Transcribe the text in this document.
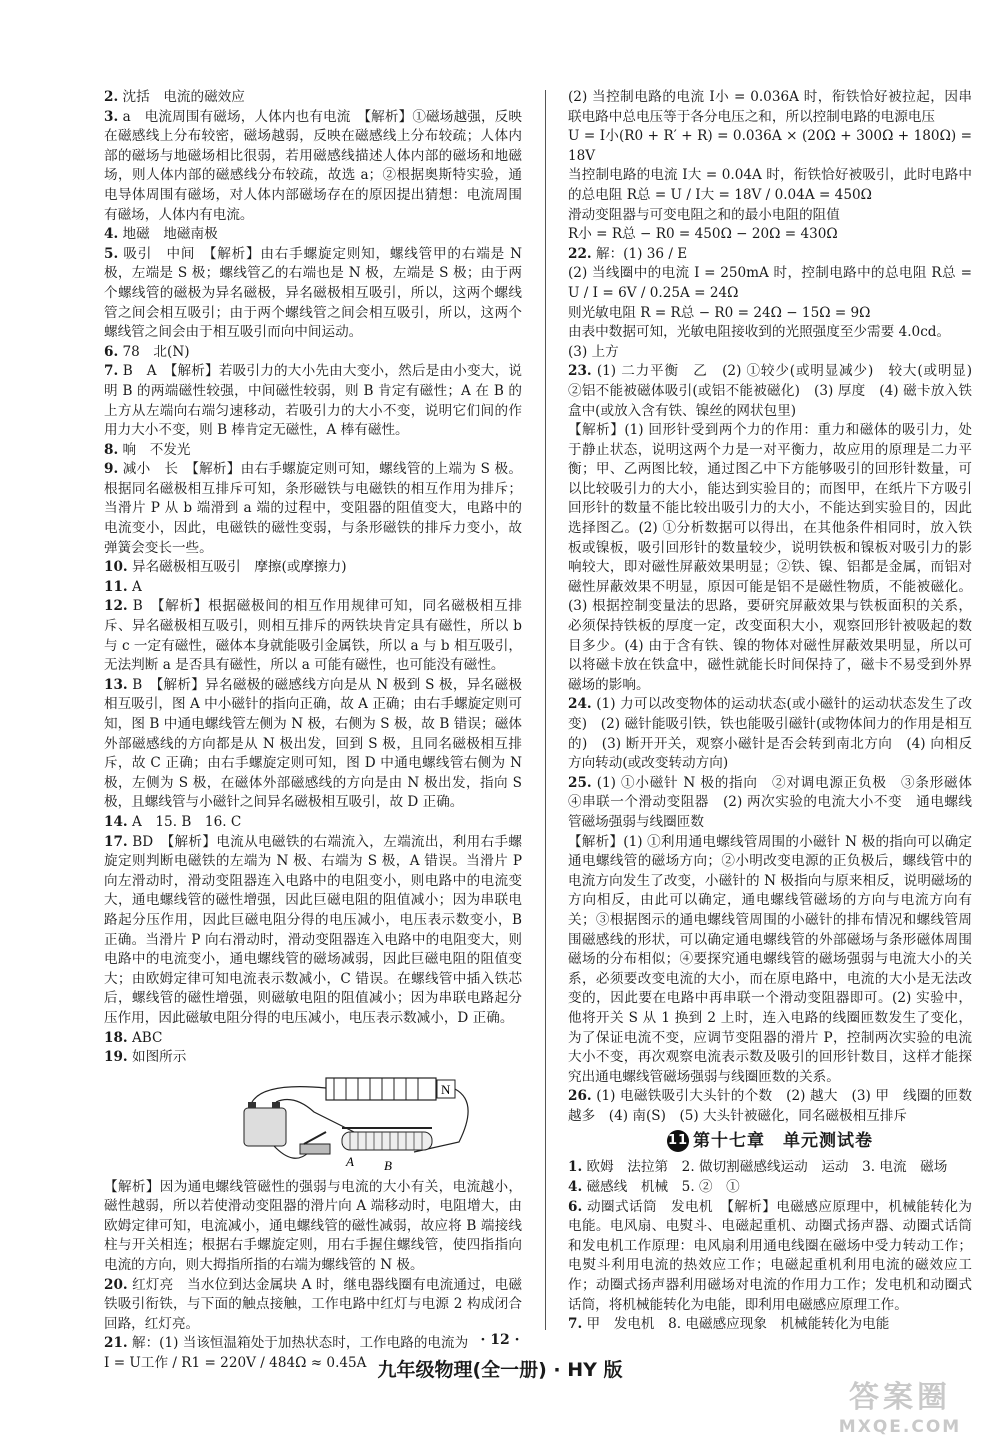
2. 沈括　电流的磁效应

3. a　电流周围有磁场，人体内也有电流　【解析】①磁场越强，反映在磁感线上分布较密，磁场越弱，反映在磁感线上分布较疏；人体内部的磁场与地磁场相比很弱，若用磁感线描述人体内部的磁场和地磁场，则人体内部的磁感线分布较疏，故选 a；②根据奥斯特实验，通电导体周围有磁场，对人体内部磁场存在的原因提出猜想：电流周围有磁场，人体内有电流。

4. 地磁　地磁南极

5. 吸引　中间　【解析】由右手螺旋定则知，螺线管甲的右端是 N 极，左端是 S 极；螺线管乙的右端也是 N 极，左端是 S 极；由于两个螺线管的磁极为异名磁极，异名磁极相互吸引，所以，这两个螺线管之间会相互吸引；由于两个螺线管之间会相互吸引，所以，这两个螺线管之间会由于相互吸引而向中间运动。

6. 78　北(N)

7. B　A　【解析】若吸引力的大小先由大变小，然后是由小变大，说明 B 的两端磁性较强，中间磁性较弱，则 B 肯定有磁性；A 在 B 的上方从左端向右端匀速移动，若吸引力的大小不变，说明它们间的作用力大小不变，则 B 棒肯定无磁性，A 棒有磁性。

8. 响　不发光

9. 减小　长　【解析】由右手螺旋定则可知，螺线管的上端为 S 极。根据同名磁极相互排斥可知，条形磁铁与电磁铁的相互作用为排斥；当滑片 P 从 b 端滑到 a 端的过程中，变阻器的阻值变大，电路中的电流变小，因此，电磁铁的磁性变弱，与条形磁铁的排斥力变小，故弹簧会变长一些。

10. 异名磁极相互吸引　摩擦(或摩擦力)

11. A

12. B　【解析】根据磁极间的相互作用规律可知，同名磁极相互排斥、异名磁极相互吸引，则相互排斥的两铁块肯定具有磁性，所以 b 与 c 一定有磁性，磁体本身就能吸引金属铁，所以 a 与 b 相互吸引，无法判断 a 是否具有磁性，所以 a 可能有磁性，也可能没有磁性。

13. B　【解析】异名磁极的磁感线方向是从 N 极到 S 极，异名磁极相互吸引，图 A 中小磁针的指向正确，故 A 正确；由右手螺旋定则可知，图 B 中通电螺线管左侧为 N 极，右侧为 S 极，故 B 错误；磁体外部磁感线的方向都是从 N 极出发，回到 S 极，且同名磁极相互排斥，故 C 正确；由右手螺旋定则可知，图 D 中通电螺线管右侧为 N 极，左侧为 S 极，在磁体外部磁感线的方向是由 N 极出发，指向 S 极，且螺线管与小磁针之间异名磁极相互吸引，故 D 正确。

14. A　15. B　16. C

17. BD　【解析】电流从电磁铁的右端流入，左端流出，利用右手螺旋定则判断电磁铁的左端为 N 极、右端为 S 极，A 错误。当滑片 P 向左滑动时，滑动变阻器连入电路中的电阻变小，则电路中的电流变大，通电螺线管的磁性增强，因此巨磁电阻的阻值减小；因为串联电路起分压作用，因此巨磁电阻分得的电压减小，电压表示数变小，B 正确。当滑片 P 向右滑动时，滑动变阻器连入电路中的电阻变大，则电路中的电流变小，通电螺线管的磁场减弱，因此巨磁电阻的阻值变大；由欧姆定律可知电流表示数减小，C 错误。在螺线管中插入铁芯后，螺线管的磁性增强，则磁敏电阻的阻值减小；因为串联电路起分压作用，因此磁敏电阻分得的电压减小，电压表示数减小，D 正确。

18. ABC

19. 如图所示

N
A B

【解析】因为通电螺线管磁性的强弱与电流的大小有关，电流越小，磁性越弱，所以若使滑动变阻器的滑片向 A 端移动时，电阻增大，由欧姆定律可知，电流减小，通电螺线管的磁性减弱，故应将 B 端接线柱与开关相连；根据右手螺旋定则，用右手握住螺线管，使四指指向电流的方向，则大拇指所指的右端为螺线管的 N 极。

20. 红灯亮　当水位到达金属块 A 时，继电器线圈有电流通过，电磁铁吸引衔铁，与下面的触点接触，工作电路中红灯与电源 2 构成闭合回路，红灯亮。

21. 解：(1) 当该恒温箱处于加热状态时，工作电路的电流为

I = U工作 / R1 = 220V / 484Ω ≈ 0.45A

(2) 当控制电路的电流 I小 = 0.036A 时，衔铁恰好被拉起，因串联电路中总电压等于各分电压之和，所以控制电路的电源电压

U = I小(R0 + R′ + R) = 0.036A × (20Ω + 300Ω + 180Ω) = 18V

当控制电路的电流 I大 = 0.04A 时，衔铁恰好被吸引，此时电路中的总电阻 R总 = U / I大 = 18V / 0.04A = 450Ω

滑动变阻器与可变电阻之和的最小电阻的阻值

R小 = R总 − R0 = 450Ω − 20Ω = 430Ω

22. 解：(1) 36 / E

(2) 当线圈中的电流 I = 250mA 时，控制电路中的总电阻 R总 = U / I = 6V / 0.25A = 24Ω

则光敏电阻 R = R总 − R0 = 24Ω − 15Ω = 9Ω

由表中数据可知，光敏电阻接收到的光照强度至少需要 4.0cd。

(3) 上方

23. (1) 二力平衡　乙　(2) ①较少(或明显减少)　较大(或明显)　②铝不能被磁体吸引(或铝不能被磁化)　(3) 厚度　(4) 磁卡放入铁盒中(或放入含有铁、镍丝的网状包里)

【解析】(1) 回形针受到两个力的作用：重力和磁体的吸引力，处于静止状态，说明这两个力是一对平衡力，故应用的原理是二力平衡；甲、乙两图比较，通过图乙中下方能够吸引的回形针数量，可以比较吸引力的大小，能达到实验目的；而图甲，在纸片下方吸引回形针的数量不能比较出吸引力的大小，不能达到实验目的，因此选择图乙。(2) ①分析数据可以得出，在其他条件相同时，放入铁板或镍板，吸引回形针的数量较少，说明铁板和镍板对吸引力的影响较大，即对磁性屏蔽效果明显；②铁、镍、铝都是金属，而铝对磁性屏蔽效果不明显，原因可能是铝不是磁性物质，不能被磁化。(3) 根据控制变量法的思路，要研究屏蔽效果与铁板面积的关系，必须保持铁板的厚度一定，改变面积大小，观察回形针被吸起的数目多少。(4) 由于含有铁、镍的物体对磁性屏蔽效果明显，所以可以将磁卡放在铁盒中，磁性就能长时间保持了，磁卡不易受到外界磁场的影响。

24. (1) 力可以改变物体的运动状态(或小磁针的运动状态发生了改变)　(2) 磁针能吸引铁，铁也能吸引磁针(或物体间力的作用是相互的)　(3) 断开开关，观察小磁针是否会转到南北方向　(4) 向相反方向转动(或改变转动方向)

25. (1) ①小磁针 N 极的指向　②对调电源正负极　③条形磁体　④串联一个滑动变阻器　(2) 两次实验的电流大小不变　通电螺线管磁场强弱与线圈匝数

【解析】(1) ①利用通电螺线管周围的小磁针 N 极的指向可以确定通电螺线管的磁场方向；②小明改变电源的正负极后，螺线管中的电流方向发生了改变，小磁针的 N 极指向与原来相反，说明磁场的方向相反，由此可以确定，通电螺线管磁场的方向与电流方向有关；③根据图示的通电螺线管周围的小磁针的排布情况和螺线管周围磁感线的形状，可以确定通电螺线管的外部磁场与条形磁体周围磁场的分布相似；④要探究通电螺线管的磁场强弱与电流大小的关系，必须要改变电流的大小，而在原电路中，电流的大小是无法改变的，因此要在电路中再串联一个滑动变阻器即可。(2) 实验中，他将开关 S 从 1 换到 2 上时，连入电路的线圈匝数发生了变化，为了保证电流不变，应调节变阻器的滑片 P，控制两次实验的电流大小不变，再次观察电流表示数及吸引的回形针数目，这样才能探究出通电螺线管磁场强弱与线圈匝数的关系。

26. (1) 电磁铁吸引大头针的个数　(2) 越大　(3) 甲　线圈的匝数越多　(4) 南(S)　(5) 大头针被磁化，同名磁极相互排斥

11 第十七章　单元测试卷

1. 欧姆　法拉第　2. 做切割磁感线运动　运动　3. 电流　磁场

4. 磁感线　机械　5. ②　①

6. 动圈式话筒　发电机　【解析】电磁感应原理中，机械能转化为电能。电风扇、电熨斗、电磁起重机、动圈式扬声器、动圈式话筒和发电机工作原理：电风扇利用通电线圈在磁场中受力转动工作；电熨斗利用电流的热效应工作；电磁起重机利用电流的磁效应工作；动圈式扬声器利用磁场对电流的作用力工作；发电机和动圈式话筒，将机械能转化为电能，即利用电磁感应原理工作。

7. 甲　发电机　8. 电磁感应现象　机械能转化为电能

· 12 ·
九年级物理(全一册) · HY 版
答案圈
MXQE.COM
